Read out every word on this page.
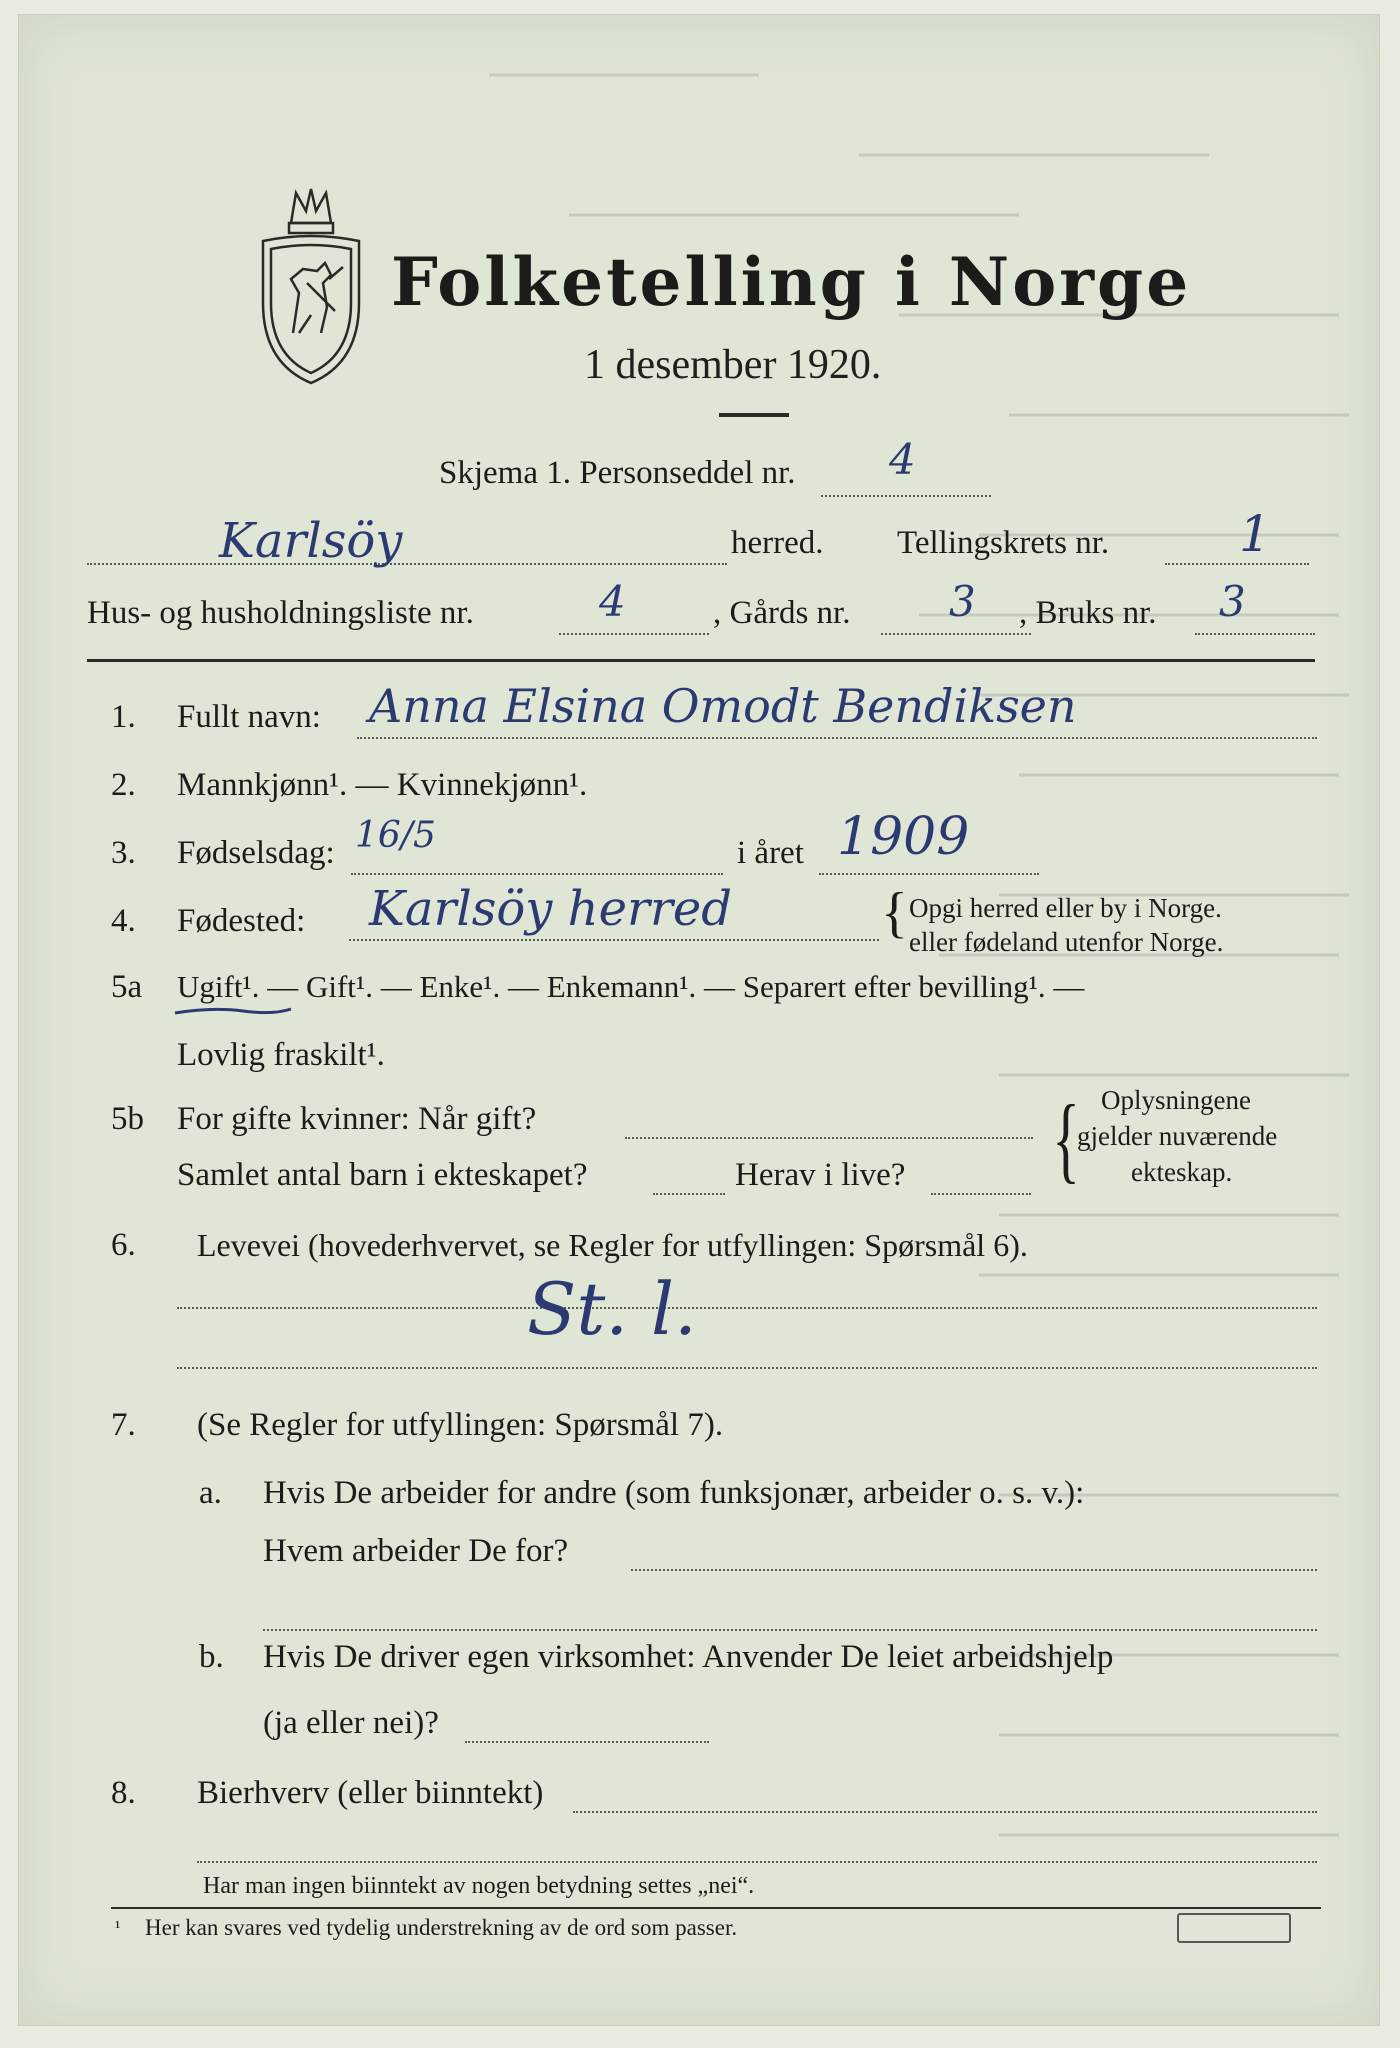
Folketelling i Norge
1 desember 1920.
Skjema 1. Personseddel nr. 4
Karlsöy	herred. Tellingskrets nr.	1
Hus- og husholdningsliste nr.	4	, Gårds nr. 3 , Bruks nr. 3
1. Fullt navn: Anna Elsina Omodt Bendiksen
2. Mannkjønn¹. — Kvinnekjønn¹.
3. Fødselsdag: 16/5	i året 1909
4. Fødested: Karlsöy herred	{ Opgi herred eller by i Norge.
eller fødeland utenfor Norge.
5a Ugift¹. — Gift¹. — Enke¹. — Enkemann¹. — Separert efter bevilling¹. —
Lovlig fraskilt¹.
5b For gifte kvinner: Når gift?
Samlet antal barn i ekteskapet?	Herav i live? { Oplysningene
gjelder nuværende
ekteskap.
6. Levevei (hovederhvervet, se Regler for utfyllingen: Spørsmål 6).
St. l.
7. (Se Regler for utfyllingen: Spørsmål 7).
a. Hvis De arbeider for andre (som funksjonær, arbeider o. s. v.):
Hvem arbeider De for?
b. Hvis De driver egen virksomhet: Anvender De leiet arbeidshjelp
(ja eller nei)?
8. Bierhverv (eller biinntekt)
Har man ingen biinntekt av nogen betydning settes „nei“.
¹ Her kan svares ved tydelig understrekning av de ord som passer.
